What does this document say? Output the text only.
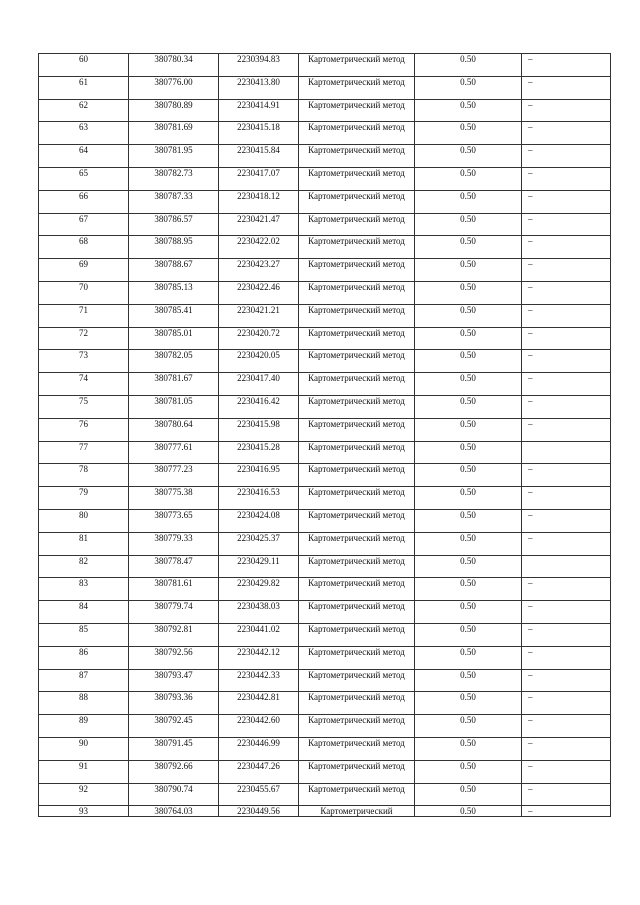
60	380780.34	2230394.83	Картометрический метод	0.50	–
61	380776.00	2230413.80	Картометрический метод	0.50	–
62	380780.89	2230414.91	Картометрический метод	0.50	–
63	380781.69	2230415.18	Картометрический метод	0.50	–
64	380781.95	2230415.84	Картометрический метод	0.50	–
65	380782.73	2230417.07	Картометрический метод	0.50	–
66	380787.33	2230418.12	Картометрический метод	0.50	–
67	380786.57	2230421.47	Картометрический метод	0.50	–
68	380788.95	2230422.02	Картометрический метод	0.50	–
69	380788.67	2230423.27	Картометрический метод	0.50	–
70	380785.13	2230422.46	Картометрический метод	0.50	–
71	380785.41	2230421.21	Картометрический метод	0.50	–
72	380785.01	2230420.72	Картометрический метод	0.50	–
73	380782.05	2230420.05	Картометрический метод	0.50	–
74	380781.67	2230417.40	Картометрический метод	0.50	–
75	380781.05	2230416.42	Картометрический метод	0.50	–
76	380780.64	2230415.98	Картометрический метод	0.50	–
77	380777.61	2230415.28	Картометрический метод	0.50	
78	380777.23	2230416.95	Картометрический метод	0.50	–
79	380775.38	2230416.53	Картометрический метод	0.50	–
80	380773.65	2230424.08	Картометрический метод	0.50	–
81	380779.33	2230425.37	Картометрический метод	0.50	–
82	380778.47	2230429.11	Картометрический метод	0.50	
83	380781.61	2230429.82	Картометрический метод	0.50	–
84	380779.74	2230438.03	Картометрический метод	0.50	–
85	380792.81	2230441.02	Картометрический метод	0.50	–
86	380792.56	2230442.12	Картометрический метод	0.50	–
87	380793.47	2230442.33	Картометрический метод	0.50	–
88	380793.36	2230442.81	Картометрический метод	0.50	–
89	380792.45	2230442.60	Картометрический метод	0.50	–
90	380791.45	2230446.99	Картометрический метод	0.50	–
91	380792.66	2230447.26	Картометрический метод	0.50	–
92	380790.74	2230455.67	Картометрический метод	0.50	–
93	380764.03	2230449.56	Картометрический	0.50	–
